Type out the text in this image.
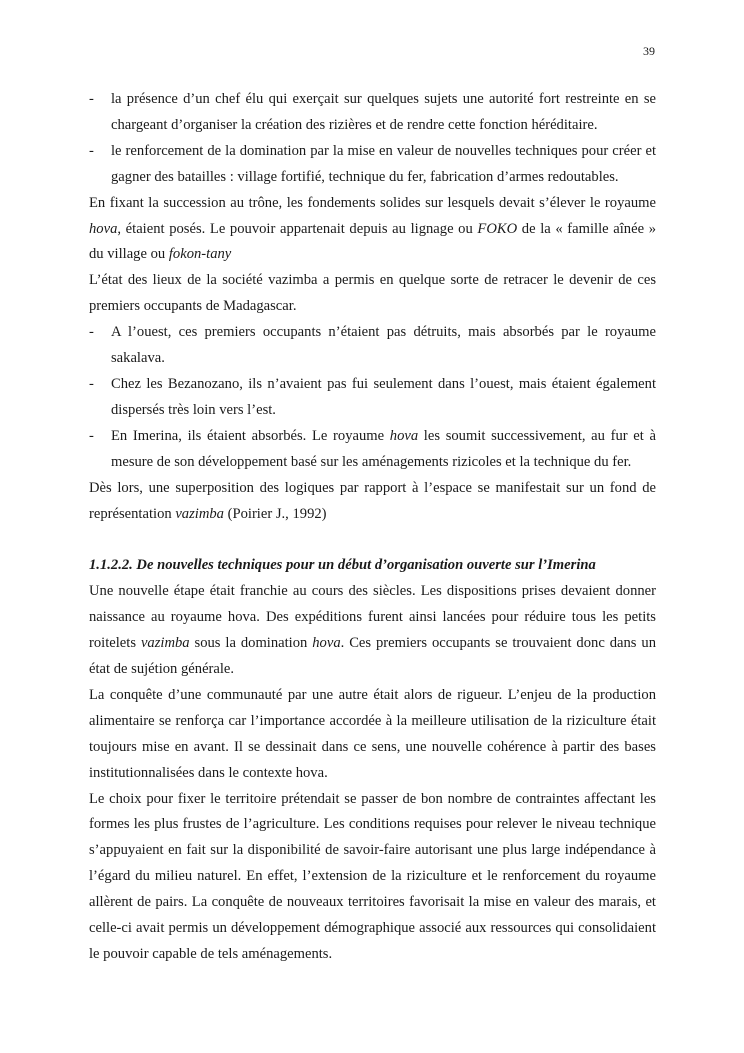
39

- la présence d’un chef élu qui exerçait sur quelques sujets une autorité fort restreinte en se chargeant d’organiser la création des rizières et de rendre cette fonction héréditaire.

- le renforcement de la domination par la mise en valeur de nouvelles techniques pour créer et gagner des batailles : village fortifié, technique du fer, fabrication d’armes redoutables.

En fixant la succession au trône, les fondements solides sur lesquels devait s’élever le royaume hova, étaient posés. Le pouvoir appartenait depuis au lignage ou FOKO de la « famille aînée » du village ou fokon-tany

L’état des lieux de la société vazimba a permis en quelque sorte de retracer le devenir de ces premiers occupants de Madagascar.

- A l’ouest, ces premiers occupants n’étaient pas détruits, mais absorbés par le royaume sakalava.

- Chez les Bezanozano, ils n’avaient pas fui seulement dans l’ouest, mais étaient également dispersés très loin vers l’est.

- En Imerina, ils étaient absorbés. Le royaume hova les soumit successivement, au fur et à mesure de son développement basé sur les aménagements rizicoles et la technique du fer.

Dès lors, une superposition des logiques par rapport à l’espace se manifestait sur un fond de représentation vazimba (Poirier J., 1992)

1.1.2.2. De nouvelles techniques pour un début d’organisation ouverte sur l’Imerina

Une nouvelle étape était franchie au cours des siècles. Les dispositions prises devaient donner naissance au royaume hova. Des expéditions furent ainsi lancées pour réduire tous les petits roitelets vazimba sous la domination hova. Ces premiers occupants se trouvaient donc dans un état de sujétion générale.

La conquête d’une communauté par une autre était alors de rigueur. L’enjeu de la production alimentaire se renforça car l’importance accordée à la meilleure utilisation de la riziculture était toujours mise en avant. Il se dessinait dans ce sens, une nouvelle cohérence à partir des bases institutionnalisées dans le contexte hova.

Le choix pour fixer le territoire prétendait se passer de bon nombre de contraintes affectant les formes les plus frustes de l’agriculture. Les conditions requises pour relever le niveau technique s’appuyaient en fait sur la disponibilité de savoir-faire autorisant une plus large indépendance à l’égard du milieu naturel. En effet, l’extension de la riziculture et le renforcement du royaume allèrent de pairs. La conquête de nouveaux territoires favorisait la mise en valeur des marais, et celle-ci avait permis un développement démographique associé aux ressources qui consolidaient le pouvoir capable de tels aménagements.
